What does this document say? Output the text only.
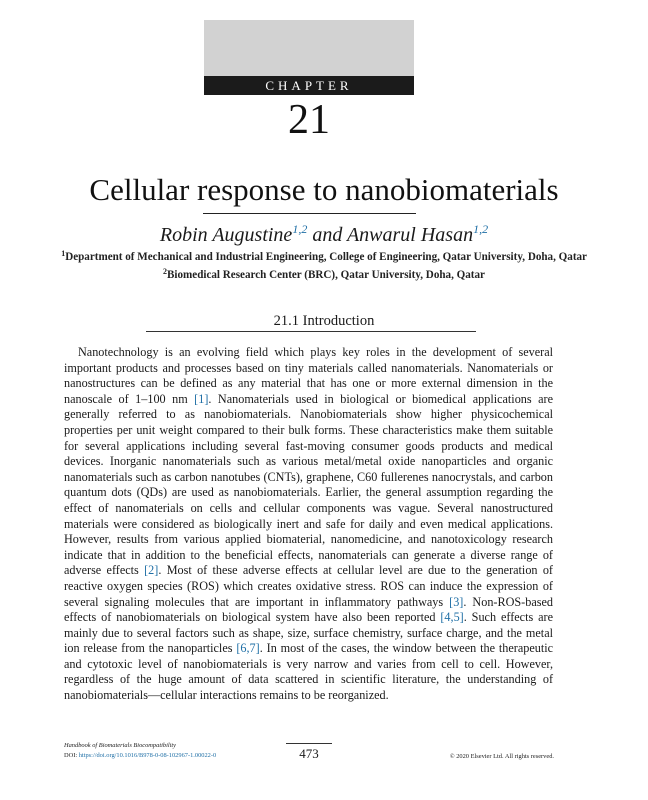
CHAPTER
21
Cellular response to nanobiomaterials
Robin Augustine$^{1,2}$ and Anwarul Hasan$^{1,2}$
$^1$Department of Mechanical and Industrial Engineering, College of Engineering, Qatar University, Doha, Qatar $^2$Biomedical Research Center (BRC), Qatar University, Doha, Qatar
21.1 Introduction

Nanotechnology is an evolving field which plays key roles in the development of several important products and processes based on tiny materials called nanomaterials. Nanomaterials or nanostructures can be defined as any material that has one or more external dimension in the nanoscale of 1–100 nm [1]. Nanomaterials used in biological or biomedical applications are generally referred to as nanobiomaterials. Nanobiomaterials show higher physicochemical properties per unit weight compared to their bulk forms. These characteristics make them suitable for several applications including several fast-moving consumer goods products and medical devices. Inorganic nanomaterials such as various metal/metal oxide nanoparticles and organic nanomaterials such as carbon nanotubes (CNTs), graphene, C60 fullerenes nanocrystals, and carbon quantum dots (QDs) are used as nanobiomaterials. Earlier, the general assumption regarding the effect of nanomaterials on cells and cellular components was vague. Several nanostructured materials were considered as biologically inert and safe for daily and even medical applications. However, results from various applied biomaterial, nanomedicine, and nanotoxicology research indicate that in addition to the beneficial effects, nanomaterials can generate a diverse range of adverse effects [2]. Most of these adverse effects at cellular level are due to the generation of reactive oxygen species (ROS) which creates oxidative stress. ROS can induce the expression of several signaling molecules that are important in inflammatory pathways [3]. Non-ROS-based effects of nanobiomaterials on biological system have also been reported [4,5]. Such effects are mainly due to several factors such as shape, size, surface chemistry, surface charge, and the metal ion release from the nanoparticles [6,7]. In most of the cases, the window between the therapeutic and cytotoxic level of nanobiomaterials is very narrow and varies from cell to cell. However, regardless of the huge amount of data scattered in scientific literature, the understanding of nanobiomaterials—cellular interactions remains to be reorganized.

Handbook of Biomaterials Biocompatibility
DOI: https://doi.org/10.1016/B978-0-08-102967-1.00022-0	473	© 2020 Elsevier Ltd. All rights reserved.
